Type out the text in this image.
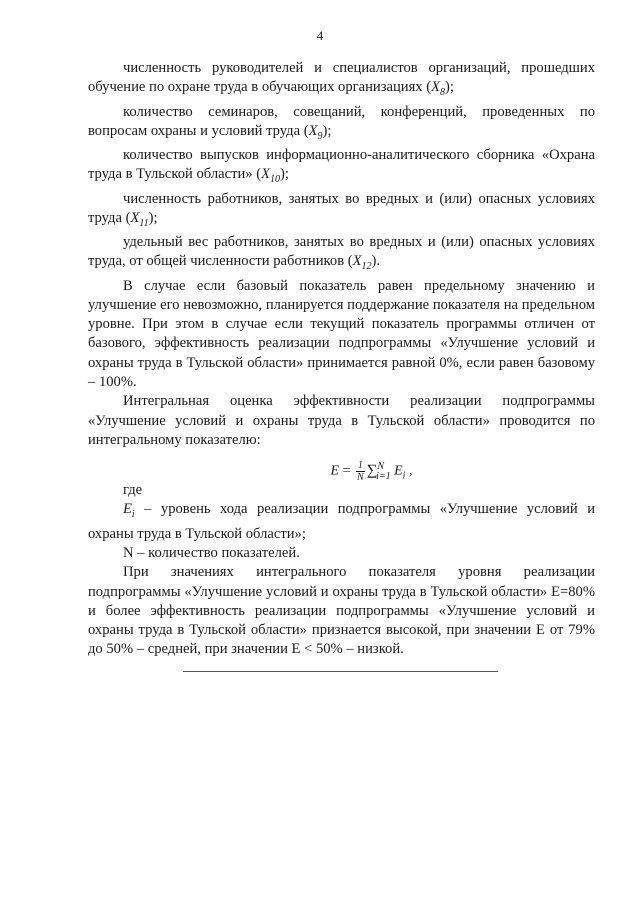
4

численность руководителей и специалистов организаций, прошедших обучение по охране труда в обучающих организациях $(X_8)$;

количество семинаров, совещаний, конференций, проведенных по вопросам охраны и условий труда $(X_9)$;

количество выпусков информационно-аналитического сборника «Охрана труда в Тульской области» $(X_{10})$;

численность работников, занятых во вредных и (или) опасных условиях труда $(X_{11})$;

удельный вес работников, занятых во вредных и (или) опасных условиях труда, от общей численности работников $(X_{12})$.

В случае если базовый показатель равен предельному значению и улучшение его невозможно, планируется поддержание показателя на предельном уровне. При этом в случае если текущий показатель программы отличен от базового, эффективность реализации подпрограммы «Улучшение условий и охраны труда в Тульской области» принимается равной 0%, если равен базовому – 100%.

Интегральная оценка эффективности реализации подпрограммы «Улучшение условий и охраны труда в Тульской области» проводится по интегральному показателю:

$E = \frac{1}{N} \sum^N_{i=1}$ $E_i$ ,

где

$E_i$ – уровень хода реализации подпрограммы «Улучшение условий и охраны труда в Тульской области»;

N – количество показателей.

При значениях интегрального показателя уровня реализации подпрограммы «Улучшение условий и охраны труда в Тульской области» E=80% и более эффективность реализации подпрограммы «Улучшение условий и охраны труда в Тульской области» признается высокой, при значении E от 79% до 50% – средней, при значении E < 50% – низкой.
